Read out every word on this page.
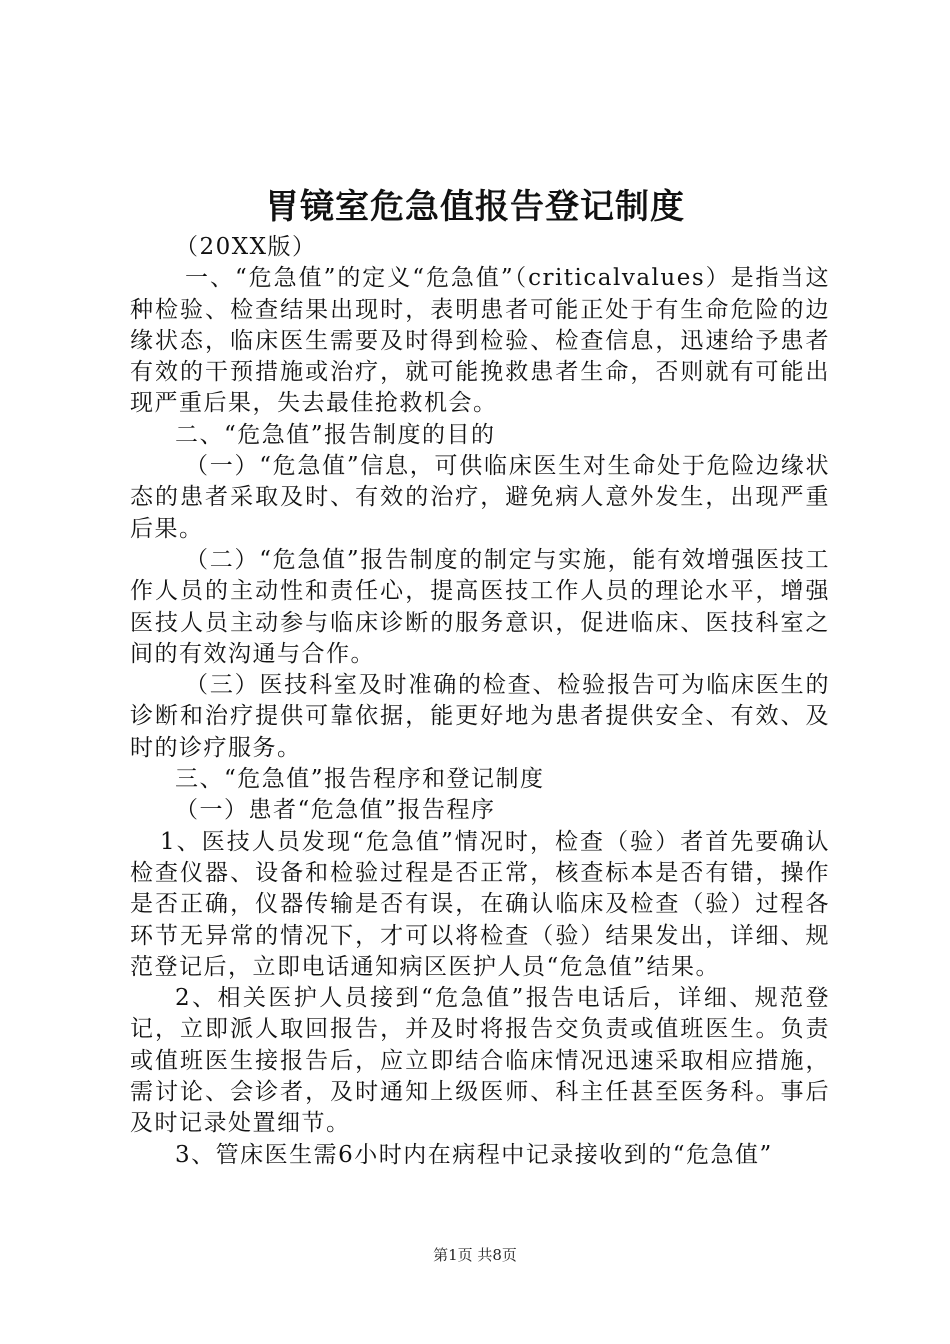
胃镜室危急值报告登记制度

（20XX版）

一、“危急值”的定义“危急值”（criticalvalues）是指当这种检验、检查结果出现时，表明患者可能正处于有生命危险的边缘状态，临床医生需要及时得到检验、检查信息，迅速给予患者有效的干预措施或治疗，就可能挽救患者生命，否则就有可能出现严重后果，失去最佳抢救机会。

二、“危急值”报告制度的目的

（一）“危急值”信息，可供临床医生对生命处于危险边缘状态的患者采取及时、有效的治疗，避免病人意外发生，出现严重后果。

（二）“危急值”报告制度的制定与实施，能有效增强医技工作人员的主动性和责任心，提高医技工作人员的理论水平，增强医技人员主动参与临床诊断的服务意识，促进临床、医技科室之间的有效沟通与合作。

（三）医技科室及时准确的检查、检验报告可为临床医生的诊断和治疗提供可靠依据，能更好地为患者提供安全、有效、及时的诊疗服务。

三、“危急值”报告程序和登记制度

（一）患者“危急值”报告程序

1、医技人员发现“危急值”情况时，检查（验）者首先要确认检查仪器、设备和检验过程是否正常，核查标本是否有错，操作是否正确，仪器传输是否有误，在确认临床及检查（验）过程各环节无异常的情况下，才可以将检查（验）结果发出，详细、规范登记后，立即电话通知病区医护人员“危急值”结果。

2、相关医护人员接到“危急值”报告电话后，详细、规范登记，立即派人取回报告，并及时将报告交负责或值班医生。负责或值班医生接报告后，应立即结合临床情况迅速采取相应措施，需讨论、会诊者，及时通知上级医师、科主任甚至医务科。事后及时记录处置细节。

3、管床医生需6小时内在病程中记录接收到的“危急值”

第1页 共8页
